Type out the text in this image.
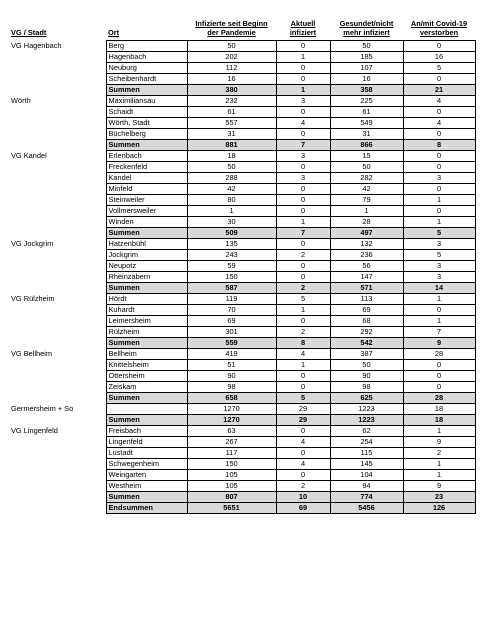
VG / Stadt	Ort	Infizierte seit Beginn der Pandemie	Aktuell infiziert	Gesundet/nicht mehr infiziert	An/mit Covid-19 verstorben
VG Hagenbach	Berg	50	0	50	0
	Hagenbach	202	1	185	16
	Neuburg	112	0	107	5
	Scheibenhardt	16	0	16	0
	Summen	380	1	358	21
Wörth	Maximiliansau	232	3	225	4
	Schaidt	61	0	61	0
	Wörth, Stadt	557	4	549	4
	Büchelberg	31	0	31	0
	Summen	881	7	866	8
VG Kandel	Erlenbach	18	3	15	0
	Freckenfeld	50	0	50	0
	Kandel	288	3	282	3
	Minfeld	42	0	42	0
	Steinweiler	80	0	79	1
	Vollmersweiler	1	0	1	0
	Winden	30	1	28	1
	Summen	509	7	497	5
VG Jockgrim	Hatzenbühl	135	0	132	3
	Jockgrim	243	2	236	5
	Neupotz	59	0	56	3
	Rheinzabern	150	0	147	3
	Summen	587	2	571	14
VG Rülzheim	Hördt	119	5	113	1
	Kuhardt	70	1	69	0
	Leimersheim	69	0	68	1
	Rülzheim	301	2	292	7
	Summen	559	8	542	9
VG Bellheim	Bellheim	419	4	387	28
	Knittelsheim	51	1	50	0
	Ottersheim	90	0	90	0
	Zeiskam	98	0	98	0
	Summen	658	5	625	28
Germersheim + So		1270	29	1223	18
	Summen	1270	29	1223	18
VG Lingenfeld	Freisbach	63	0	62	1
	Lingenfeld	267	4	254	9
	Lustadt	117	0	115	2
	Schwegenheim	150	4	145	1
	Weingarten	105	0	104	1
	Westheim	105	2	94	9
	Summen	807	10	774	23
	Endsummen	5651	69	5456	126
